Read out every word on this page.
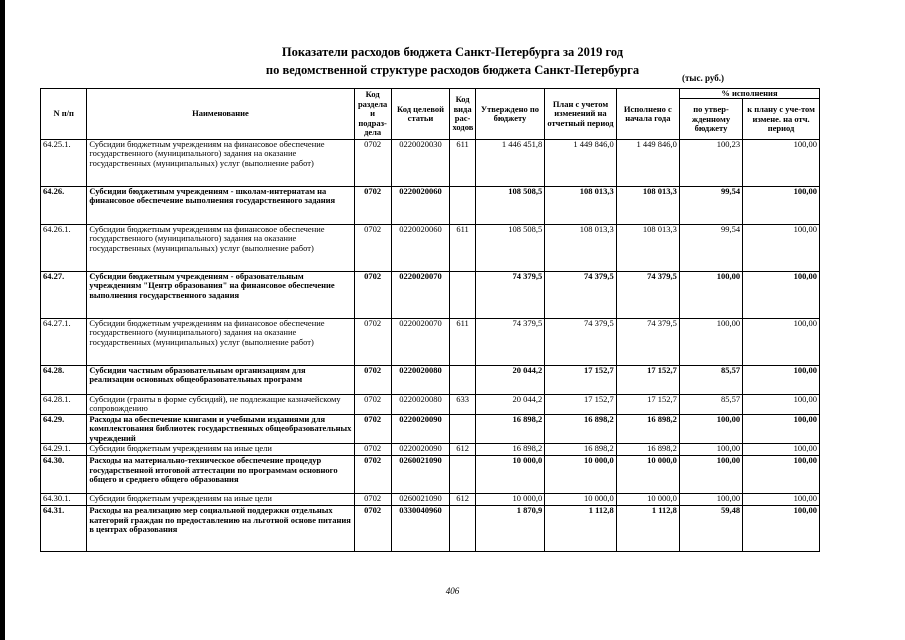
Показатели расходов бюджета Санкт-Петербурга за 2019 год
по ведомственной структуре расходов бюджета Санкт-Петербурга
(тыс. руб.)
N п/п	Наименование	Код раздела и подраз-дела	Код целевой статьи	Код вида рас-ходов	Утверждено по бюджету	План с учетом изменений на отчетный период	Исполнено с начала года	% исполнения	
								по утвер-жденному бюджету	к плану с уче-том измене. на отч. период
64.25.1.	Субсидии бюджетным учреждениям на финансовое обеспечение государственного (муниципального) задания на оказание государственных (муниципальных) услуг (выполнение работ)	0702	0220020030	611	1 446 451,8	1 449 846,0	1 449 846,0	100,23	100,00
64.26.	Субсидии бюджетным учреждениям - школам-интернатам на финансовое обеспечение выполнения государственного задания	0702	0220020060		108 508,5	108 013,3	108 013,3	99,54	100,00
64.26.1.	Субсидии бюджетным учреждениям на финансовое обеспечение государственного (муниципального) задания на оказание государственных (муниципальных) услуг (выполнение работ)	0702	0220020060	611	108 508,5	108 013,3	108 013,3	99,54	100,00
64.27.	Субсидии бюджетным учреждениям - образовательным учреждениям "Центр образования" на финансовое обеспечение выполнения государственного задания	0702	0220020070		74 379,5	74 379,5	74 379,5	100,00	100,00
64.27.1.	Субсидии бюджетным учреждениям на финансовое обеспечение государственного (муниципального) задания на оказание государственных (муниципальных) услуг (выполнение работ)	0702	0220020070	611	74 379,5	74 379,5	74 379,5	100,00	100,00
64.28.	Субсидии частным образовательным организациям для реализации основных общеобразовательных программ	0702	0220020080		20 044,2	17 152,7	17 152,7	85,57	100,00
64.28.1.	Субсидии (гранты в форме субсидий), не подлежащие казначейскому сопровождению	0702	0220020080	633	20 044,2	17 152,7	17 152,7	85,57	100,00
64.29.	Расходы на обеспечение книгами и учебными изданиями для комплектования библиотек государственных общеобразовательных учреждений	0702	0220020090		16 898,2	16 898,2	16 898,2	100,00	100,00
64.29.1.	Субсидии бюджетным учреждениям на иные цели	0702	0220020090	612	16 898,2	16 898,2	16 898,2	100,00	100,00
64.30.	Расходы на материально-техническое обеспечение процедур государственной итоговой аттестации по программам основного общего и среднего общего образования	0702	0260021090		10 000,0	10 000,0	10 000,0	100,00	100,00
64.30.1.	Субсидии бюджетным учреждениям на иные цели	0702	0260021090	612	10 000,0	10 000,0	10 000,0	100,00	100,00
64.31.	Расходы на реализацию мер социальной поддержки отдельных категорий граждан по предоставлению на льготной основе питания в центрах образования	0702	0330040960		1 870,9	1 112,8	1 112,8	59,48	100,00
406
